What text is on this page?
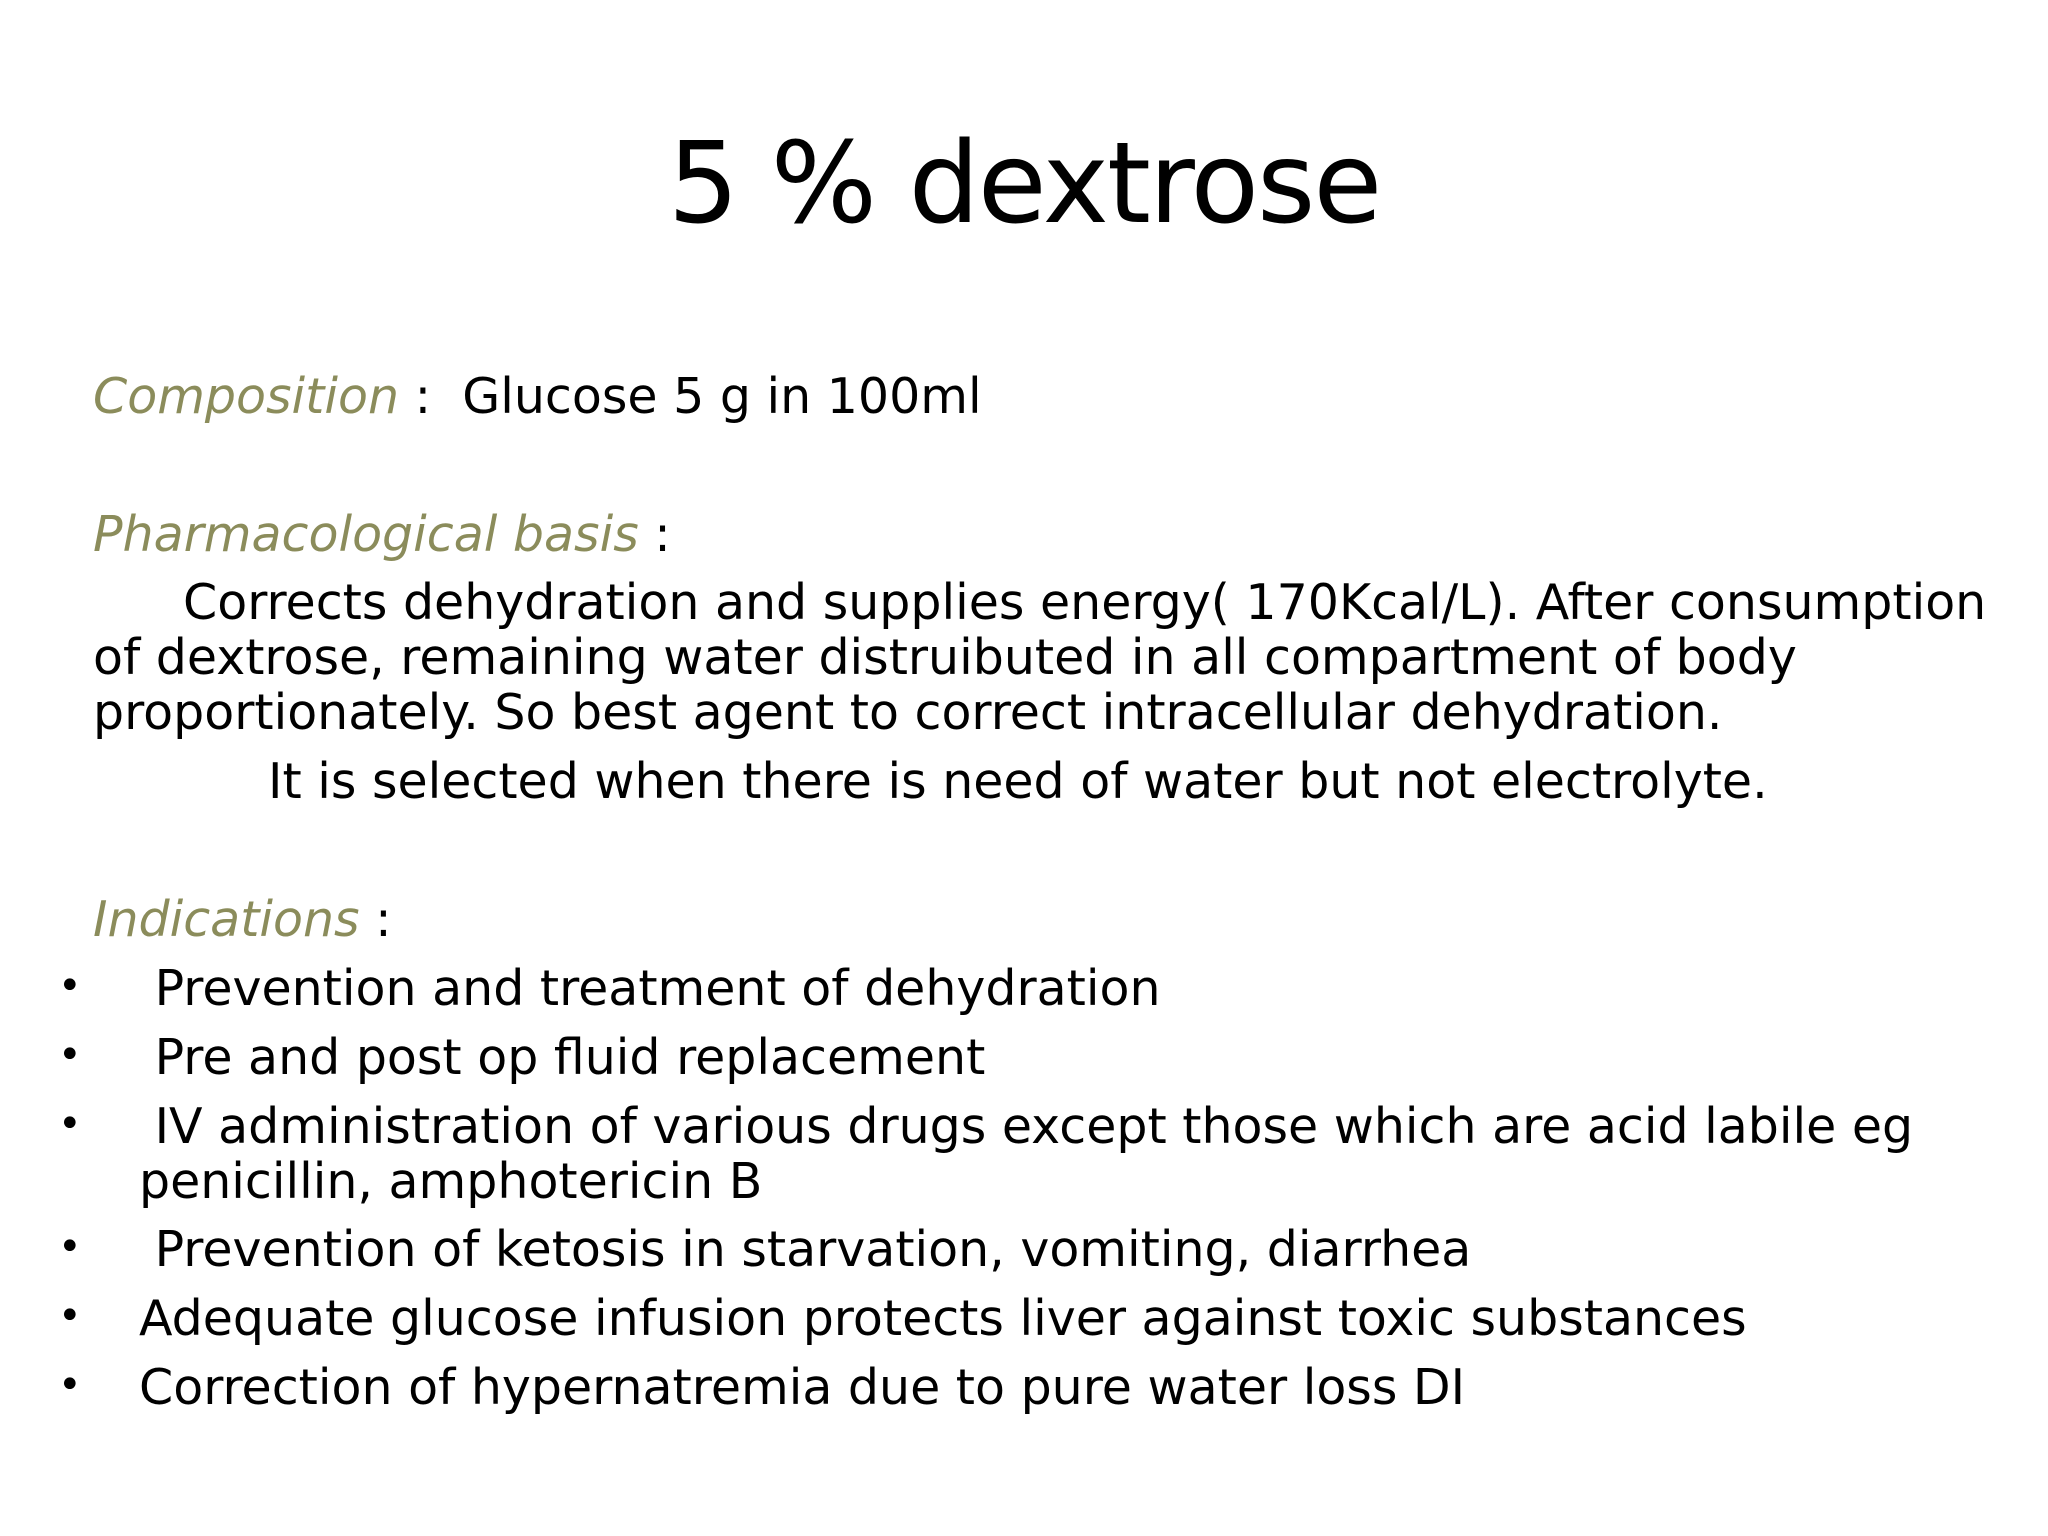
5 % dextrose
Composition :  Glucose 5 g in 100ml
Pharmacological basis :
Corrects dehydration and supplies energy( 170Kcal/L). After consumption
of dextrose, remaining water distruibuted in all compartment of body
proportionately. So best agent to correct intracellular dehydration.
It is selected when there is need of water but not electrolyte.
Indications :
• Prevention and treatment of dehydration
• Pre and post op fluid replacement
• IV administration of various drugs except those which are acid labile eg
penicillin, amphotericin B
• Prevention of ketosis in starvation, vomiting, diarrhea
• Adequate glucose infusion protects liver against toxic substances
• Correction of hypernatremia due to pure water loss DI
